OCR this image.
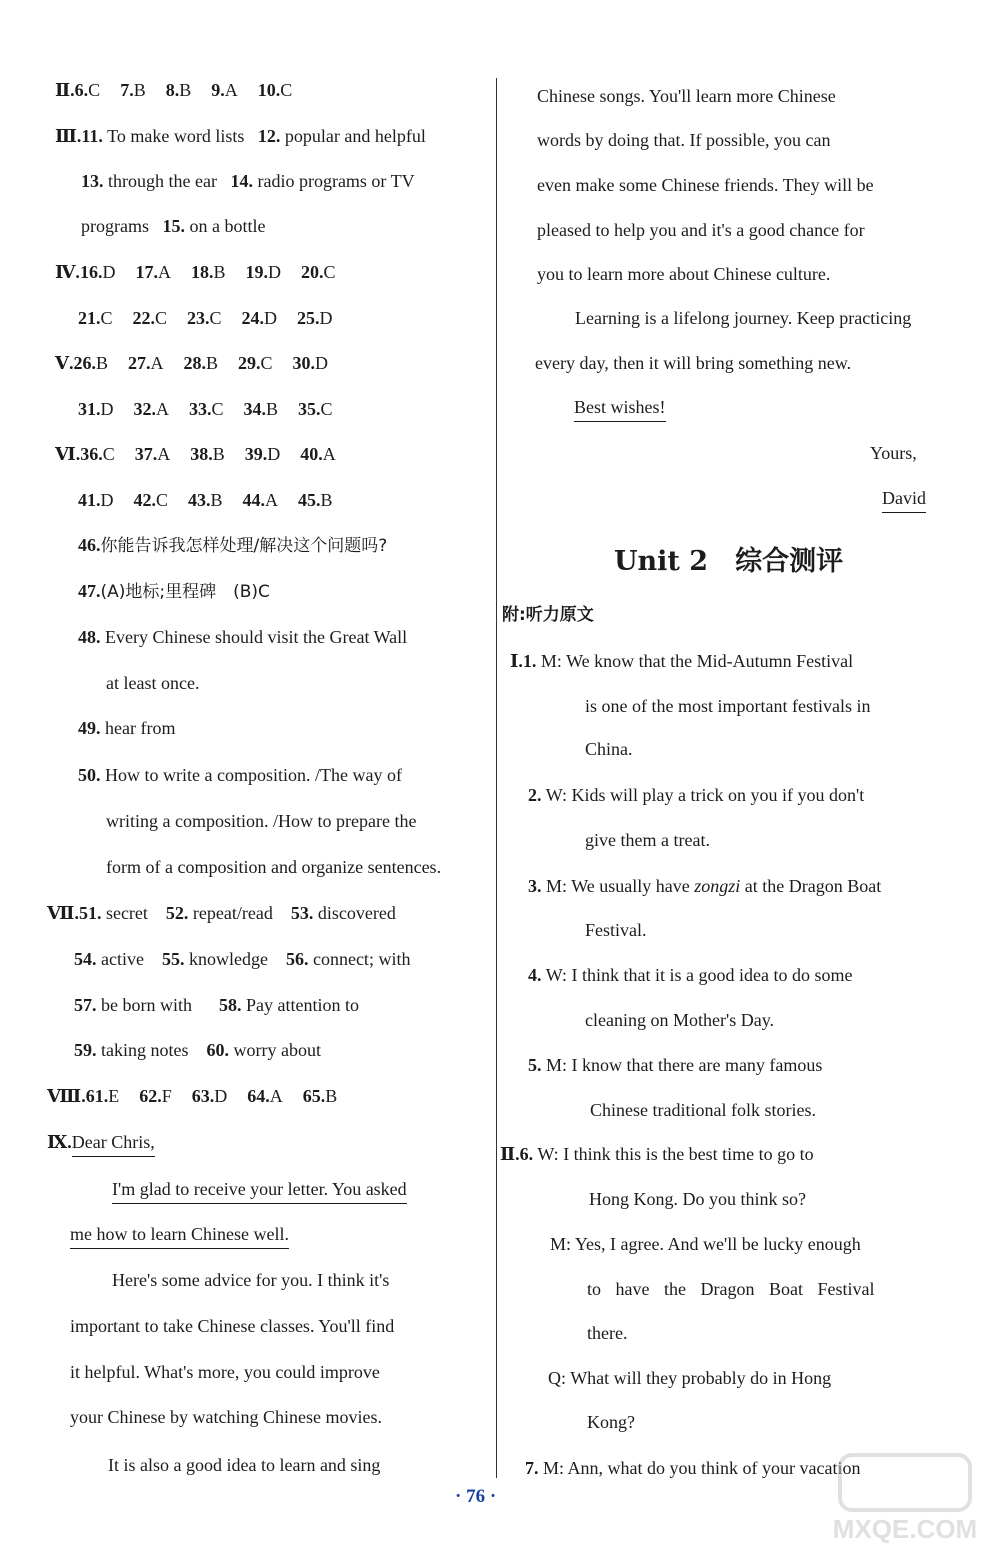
Ⅱ.6.C 7.B 8.B 9.A 10.C
Ⅲ.11. To make word lists 12. popular and helpful
13. through the ear 14. radio programs or TV
programs 15. on a bottle
Ⅳ.16.D 17.A 18.B 19.D 20.C
21.C 22.C 23.C 24.D 25.D
Ⅴ.26.B 27.A 28.B 29.C 30.D
31.D 32.A 33.C 34.B 35.C
Ⅵ.36.C 37.A 38.B 39.D 40.A
41.D 42.C 43.B 44.A 45.B
46.你能告诉我怎样处理/解决这个问题吗?
47.(A)地标;里程碑　(B)C
48. Every Chinese should visit the Great Wall
at least once.
49. hear from
50. How to write a composition. /The way of
writing a composition. /How to prepare the
form of a composition and organize sentences.
Ⅶ.51. secret 52. repeat/read 53. discovered
54. active 55. knowledge 56. connect; with
57. be born with 58. Pay attention to
59. taking notes 60. worry about
Ⅷ.61.E 62.F 63.D 64.A 65.B
Ⅸ.Dear Chris,
I'm glad to receive your letter. You asked
me how to learn Chinese well.
Here's some advice for you. I think it's
important to take Chinese classes. You'll find
it helpful. What's more, you could improve
your Chinese by watching Chinese movies.
It is also a good idea to learn and sing
Chinese songs. You'll learn more Chinese
words by doing that. If possible, you can
even make some Chinese friends. They will be
pleased to help you and it's a good chance for
you to learn more about Chinese culture.
Learning is a lifelong journey. Keep practicing
every day, then it will bring something new.
Best wishes!
Yours,
David
Unit 2　综合测评
附:听力原文
Ⅰ.1. M: We know that the Mid-Autumn Festival
is one of the most important festivals in
China.
2. W: Kids will play a trick on you if you don't
give them a treat.
3. M: We usually have zongzi at the Dragon Boat
Festival.
4. W: I think that it is a good idea to do some
cleaning on Mother's Day.
5. M: I know that there are many famous
Chinese traditional folk stories.
Ⅱ.6. W: I think this is the best time to go to
Hong Kong. Do you think so?
M: Yes, I agree. And we'll be lucky enough
to have the Dragon Boat Festival
there.
Q: What will they probably do in Hong
Kong?
7. M: Ann, what do you think of your vacation
· 76 ·
MXQE.COM
